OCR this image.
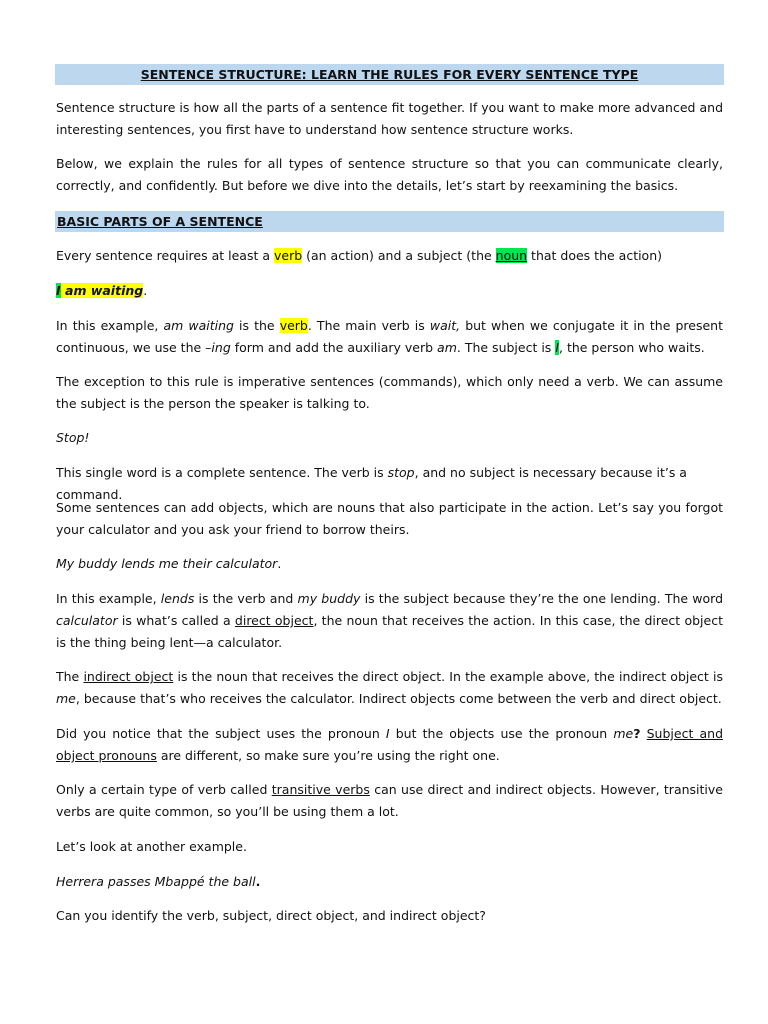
SENTENCE STRUCTURE: LEARN THE RULES FOR EVERY SENTENCE TYPE

Sentence structure is how all the parts of a sentence fit together. If you want to make more advanced and interesting sentences, you first have to understand how sentence structure works.

Below, we explain the rules for all types of sentence structure so that you can communicate clearly, correctly, and confidently. But before we dive into the details, let’s start by reexamining the basics.

BASIC PARTS OF A SENTENCE

Every sentence requires at least a verb (an action) and a subject (the noun that does the action)

I am waiting.

In this example, am waiting is the verb. The main verb is wait, but when we conjugate it in the present continuous, we use the –ing form and add the auxiliary verb am. The subject is I, the person who waits.

The exception to this rule is imperative sentences (commands), which only need a verb. We can assume the subject is the person the speaker is talking to.

Stop!

This single word is a complete sentence. The verb is stop, and no subject is necessary because it’s a command.

Some sentences can add objects, which are nouns that also participate in the action. Let’s say you forgot your calculator and you ask your friend to borrow theirs.

My buddy lends me their calculator.

In this example, lends is the verb and my buddy is the subject because they’re the one lending. The word calculator is what’s called a direct object, the noun that receives the action. In this case, the direct object is the thing being lent—a calculator.

The indirect object is the noun that receives the direct object. In the example above, the indirect object is me, because that’s who receives the calculator. Indirect objects come between the verb and direct object.

Did you notice that the subject uses the pronoun I but the objects use the pronoun me? Subject and object pronouns are different, so make sure you’re using the right one.

Only a certain type of verb called transitive verbs can use direct and indirect objects. However, transitive verbs are quite common, so you’ll be using them a lot.

Let’s look at another example.

Herrera passes Mbappé the ball.

Can you identify the verb, subject, direct object, and indirect object?
